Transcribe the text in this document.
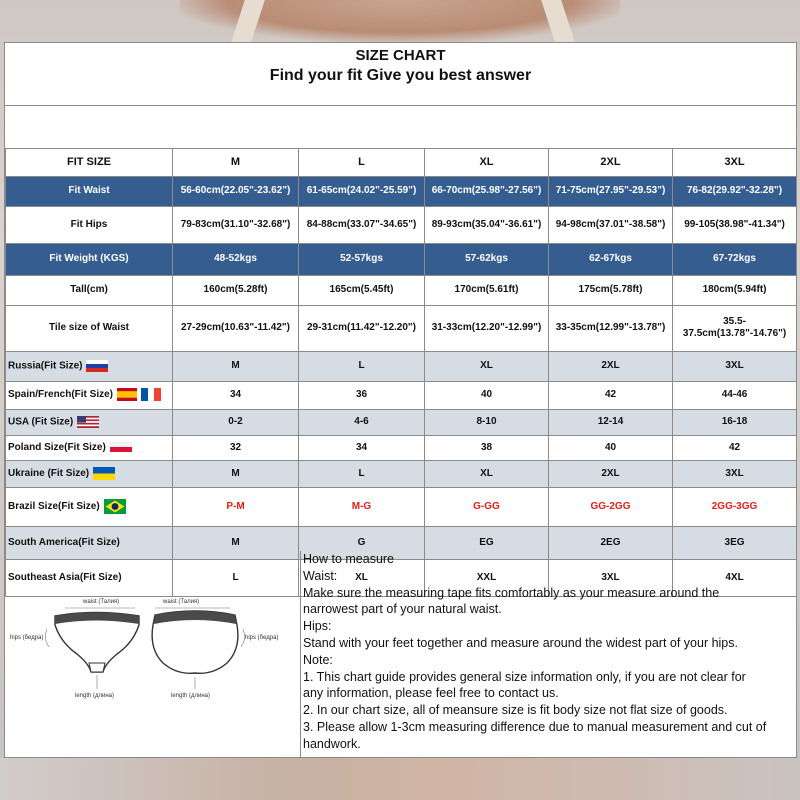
SIZE CHART
Find your fit Give you best answer

FIT SIZE	M	L	XL	2XL	3XL
Fit Waist	56-60cm(22.05"-23.62")	61-65cm(24.02"-25.59")	66-70cm(25.98"-27.56")	71-75cm(27.95"-29.53")	76-82(29.92"-32.28")
Fit Hips	79-83cm(31.10"-32.68")	84-88cm(33.07"-34.65")	89-93cm(35.04"-36.61")	94-98cm(37.01"-38.58")	99-105(38.98"-41.34")
Fit Weight (KGS)	48-52kgs	52-57kgs	57-62kgs	62-67kgs	67-72kgs
Tall(cm)	160cm(5.28ft)	165cm(5.45ft)	170cm(5.61ft)	175cm(5.78ft)	180cm(5.94ft)
Tile size of Waist	27-29cm(10.63"-11.42")	29-31cm(11.42"-12.20")	31-33cm(12.20"-12.99")	33-35cm(12.99"-13.78")	35.5-37.5cm(13.78"-14.76")
Russia(Fit Size)	M	L	XL	2XL	3XL
Spain/French(Fit Size)	34	36	40	42	44-46
USA (Fit Size)	0-2	4-6	8-10	12-14	16-18
Poland Size(Fit Size)	32	34	38	40	42
Ukraine (Fit Size)	M	L	XL	2XL	3XL
Brazil Size(Fit Size)	P-M	M-G	G-GG	GG-2GG	2GG-3GG
South America(Fit Size)	M	G	EG	2EG	3EG
Southeast Asia(Fit Size)	L	XL	XXL	3XL	4XL
waist (Талия)
hips (бедра)
length (длина)
waist (Талия)
hips (бедра)
length (длина)
How to measure
Waist:
Make sure the measuring tape fits comfortably as your measure around the
narrowest part of your natural waist.
Hips:
Stand with your feet together and measure around the widest part of your hips.
Note:
1. This chart guide provides general size information only, if you are not clear for
any information, please feel free to contact us.
2. In our chart size, all of meansure size is fit body size not flat size of goods.
3. Please allow 1-3cm measuring difference due to manual measurement and cut of
handwork.
